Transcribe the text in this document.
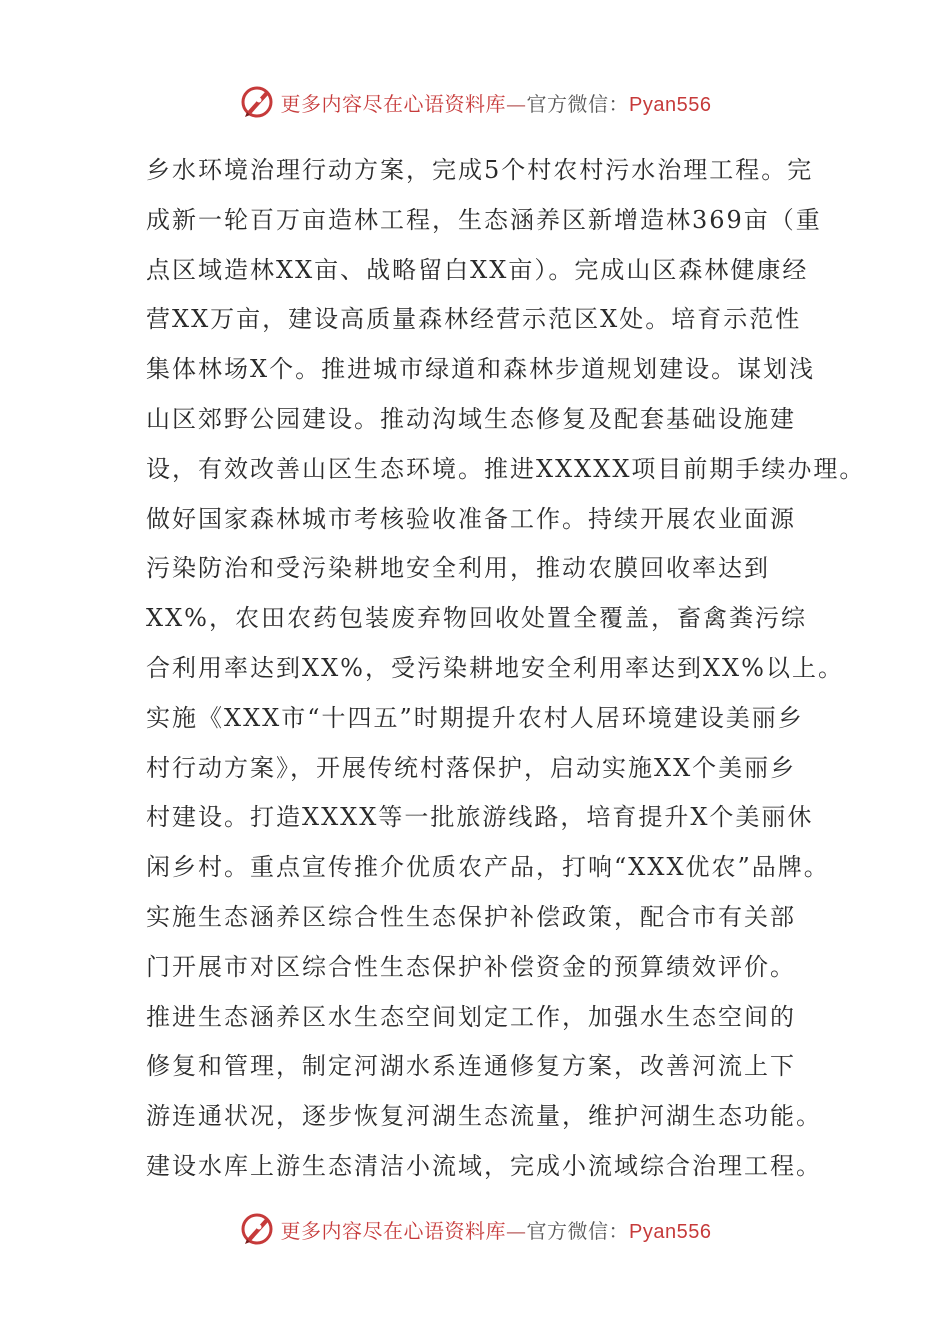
更多内容尽在心语资料库—官方微信：Pyan556
乡水环境治理行动方案，完成5个村农村污水治理工程。完
成新一轮百万亩造林工程，生态涵养区新增造林369亩（重
点区域造林XX亩、战略留白XX亩）。完成山区森林健康经
营XX万亩，建设高质量森林经营示范区X处。培育示范性
集体林场X个。推进城市绿道和森林步道规划建设。谋划浅
山区郊野公园建设。推动沟域生态修复及配套基础设施建
设，有效改善山区生态环境。推进XXXXX项目前期手续办理。
做好国家森林城市考核验收准备工作。持续开展农业面源
污染防治和受污染耕地安全利用，推动农膜回收率达到
XX%，农田农药包装废弃物回收处置全覆盖，畜禽粪污综
合利用率达到XX%，受污染耕地安全利用率达到XX%以上。
实施《XXX市“十四五”时期提升农村人居环境建设美丽乡
村行动方案》，开展传统村落保护，启动实施XX个美丽乡
村建设。打造XXXX等一批旅游线路，培育提升X个美丽休
闲乡村。重点宣传推介优质农产品，打响“XXX优农”品牌。
实施生态涵养区综合性生态保护补偿政策，配合市有关部
门开展市对区综合性生态保护补偿资金的预算绩效评价。
推进生态涵养区水生态空间划定工作，加强水生态空间的
修复和管理，制定河湖水系连通修复方案，改善河流上下
游连通状况，逐步恢复河湖生态流量，维护河湖生态功能。
建设水库上游生态清洁小流域，完成小流域综合治理工程。
更多内容尽在心语资料库—官方微信：Pyan556
